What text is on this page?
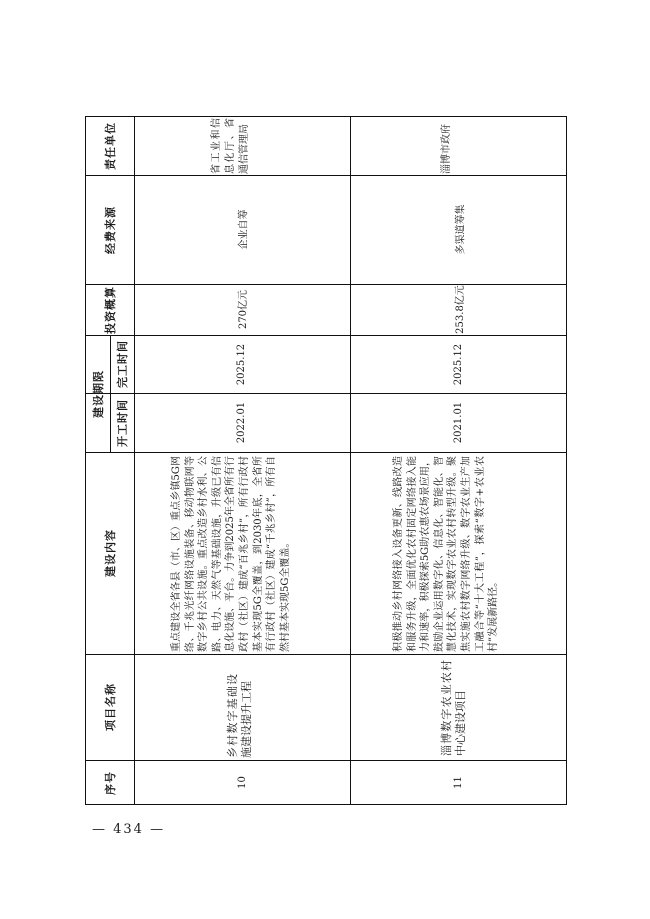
序号
项目名称
建设内容
建设期限
开工时间
完工时间
投资概算
经费来源
责任单位
10
乡村数字基础设施建设提升工程
重点建设全省各县（市、区）重点乡镇5G网络、千兆光纤网络设施装备、移动物联网等数字乡村公共设施。重点改造乡村水利、公路、电力、天然气等基础设施，升级已有信息化设施、平台。力争到2025年全省所有行政村（社区）建成“百兆乡村”，所有行政村基本实现5G全覆盖，到2030年底，全省所有行政村（社区）建成“千兆乡村”，所有自然村基本实现5G全覆盖。
2022.01
2025.12
270亿元
企业自筹
省工业和信息化厅、省通信管理局
11
淄博数字农业农村中心建设项目
积极推动乡村网络接入设备更新、线路改造和服务升级，全面优化农村固定网络接入能力和速率，积极探索5G助农惠农场景应用，鼓励企业运用数字化、信息化、智能化、智慧化技术，实现数字农业农村转型升级。聚焦实施农村数字网络升级、数字农业生产加工融合等“十大工程”，探索“数字+农业农村”发展新路径。
2021.01
2025.12
253.8亿元
多渠道筹集
淄博市政府
— 434 —
